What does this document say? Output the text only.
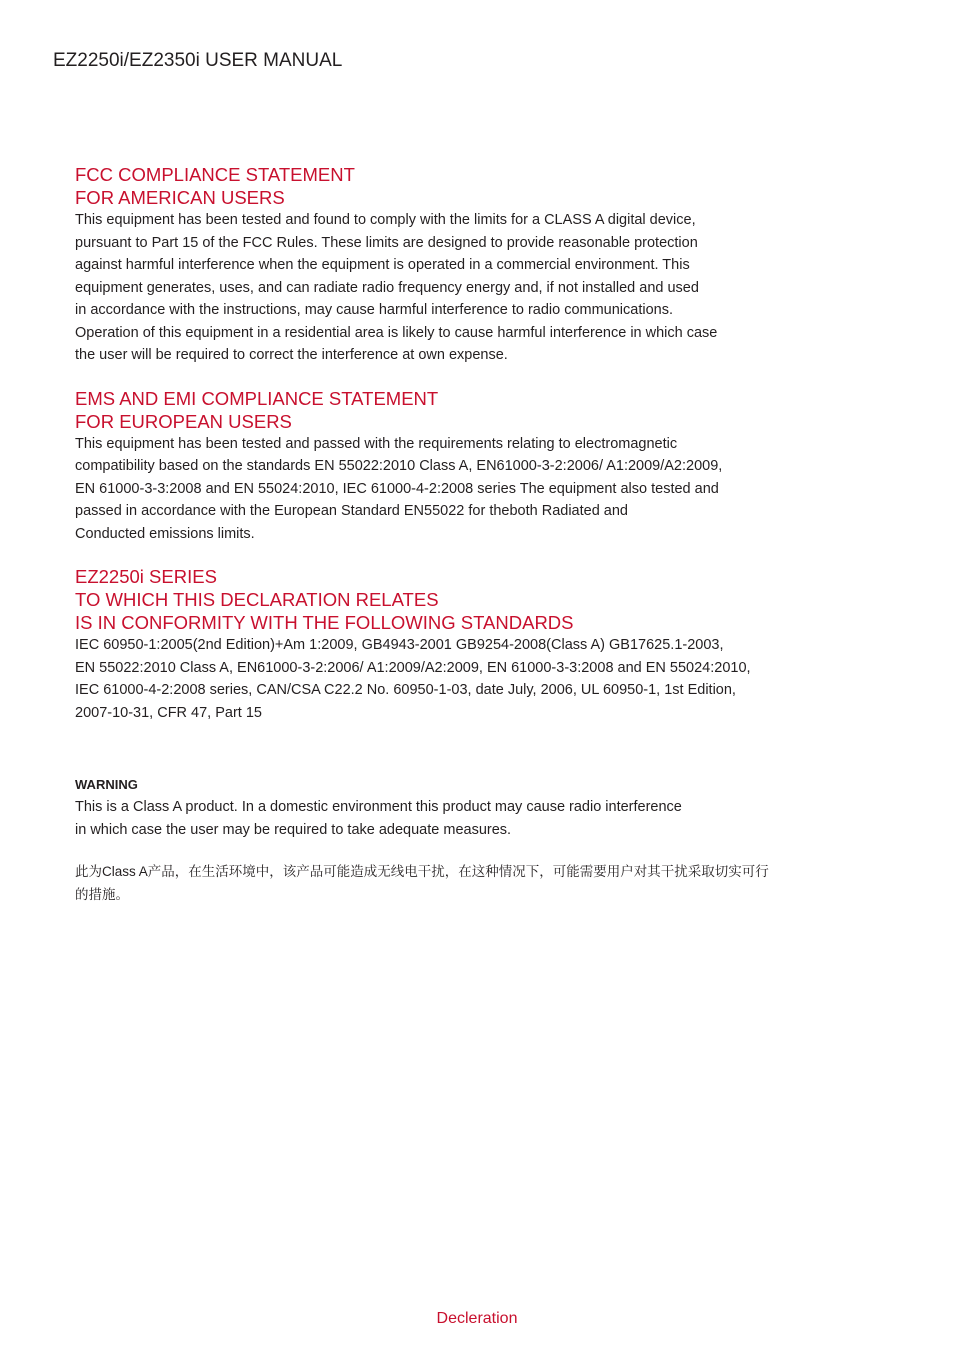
EZ2250i/EZ2350i USER MANUAL
FCC COMPLIANCE STATEMENT
FOR AMERICAN USERS
This equipment has been tested and found to comply with the limits for a CLASS A digital device,
pursuant to Part 15 of the FCC Rules. These limits are designed to provide reasonable protection
against harmful interference when the equipment is operated in a commercial environment. This
equipment generates, uses, and can radiate radio frequency energy and, if not installed and used
in accordance with the instructions, may cause harmful interference to radio communications.
Operation of this equipment in a residential area is likely to cause harmful interference in which case
the user will be required to correct the interference at own expense.
EMS AND EMI COMPLIANCE STATEMENT
FOR EUROPEAN USERS
This equipment has been tested and passed with the requirements relating to electromagnetic
compatibility based on the standards EN 55022:2010 Class A, EN61000-3-2:2006/ A1:2009/A2:2009,
EN 61000-3-3:2008 and EN 55024:2010, IEC 61000-4-2:2008 series The equipment also tested and
passed in accordance with the European Standard EN55022 for theboth Radiated and
Conducted emissions limits.
EZ2250i SERIES
TO WHICH THIS DECLARATION RELATES
IS IN CONFORMITY WITH THE FOLLOWING STANDARDS
IEC 60950-1:2005(2nd Edition)+Am 1:2009, GB4943-2001 GB9254-2008(Class A) GB17625.1-2003,
EN 55022:2010 Class A, EN61000-3-2:2006/ A1:2009/A2:2009, EN 61000-3-3:2008 and EN 55024:2010,
IEC 61000-4-2:2008 series, CAN/CSA C22.2 No. 60950-1-03, date July, 2006, UL 60950-1, 1st Edition,
2007-10-31, CFR 47, Part 15
WARNING
This is a Class A product. In a domestic environment this product may cause radio interference
in which case the user may be required to take adequate measures.
此为Class A产品，在生活环境中，该产品可能造成无线电干扰，在这种情况下，可能需要用户对其干扰采取切实可行
的措施。
Decleration
